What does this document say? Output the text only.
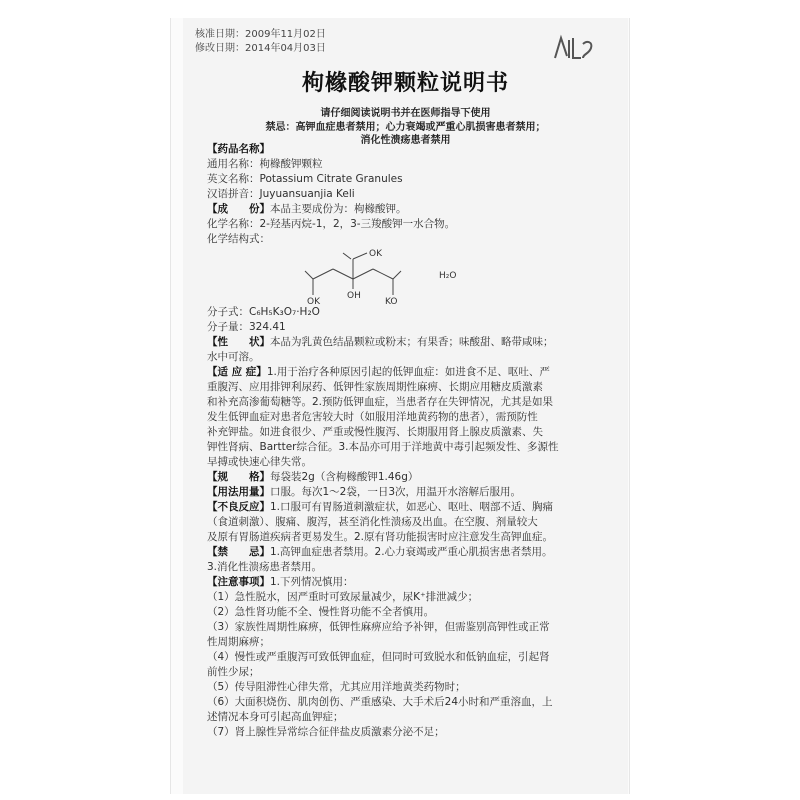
核准日期： 2009年11月02日
修改日期： 2014年04月03日
枸橼酸钾颗粒说明书
请仔细阅读说明书并在医师指导下使用
禁忌：高钾血症患者禁用；心力衰竭或严重心肌损害患者禁用；
消化性溃疡患者禁用
【药品名称】
通用名称：枸橼酸钾颗粒
英文名称：Potassium Citrate Granules
汉语拼音：Juyuansuanjia Keli
【成　　份】本品主要成份为：枸橼酸钾。
化学名称：2-羟基丙烷-1，2，3-三羧酸钾一水合物。
化学结构式：
OK
OH
OK	KO
H₂O
分子式：C₆H₅K₃O₇·H₂O
分子量：324.41
【性　　状】本品为乳黄色结晶颗粒或粉末；有果香；味酸甜、略带咸味；
水中可溶。
【适 应 症】1.用于治疗各种原因引起的低钾血症：如进食不足、呕吐、严
重腹泻、应用排钾利尿药、低钾性家族周期性麻痹、长期应用糖皮质激素
和补充高渗葡萄糖等。2.预防低钾血症，当患者存在失钾情况，尤其是如果
发生低钾血症对患者危害较大时（如服用洋地黄药物的患者），需预防性
补充钾盐。如进食很少、严重或慢性腹泻、长期服用肾上腺皮质激素、失
钾性肾病、Bartter综合征。3.本品亦可用于洋地黄中毒引起频发性、多源性
早搏或快速心律失常。
【规　　格】每袋装2g（含枸橼酸钾1.46g）
【用法用量】口服。每次1～2袋，一日3次，用温开水溶解后服用。
【不良反应】1.口服可有胃肠道刺激症状，如恶心、呕吐、咽部不适、胸痛
（食道刺激）、腹痛、腹泻，甚至消化性溃疡及出血。在空腹、剂量较大
及原有胃肠道疾病者更易发生。2.原有肾功能损害时应注意发生高钾血症。
【禁　　忌】1.高钾血症患者禁用。2.心力衰竭或严重心肌损害患者禁用。
3.消化性溃疡患者禁用。
【注意事项】1.下列情况慎用：
（1）急性脱水，因严重时可致尿量减少，尿K⁺排泄减少；
（2）急性肾功能不全、慢性肾功能不全者慎用。
（3）家族性周期性麻痹，低钾性麻痹应给予补钾，但需鉴别高钾性或正常
性周期麻痹；
（4）慢性或严重腹泻可致低钾血症，但同时可致脱水和低钠血症，引起肾
前性少尿；
（5）传导阻滞性心律失常，尤其应用洋地黄类药物时；
（6）大面积烧伤、肌肉创伤、严重感染、大手术后24小时和严重溶血，上
述情况本身可引起高血钾症；
（7）肾上腺性异常综合征伴盐皮质激素分泌不足；
